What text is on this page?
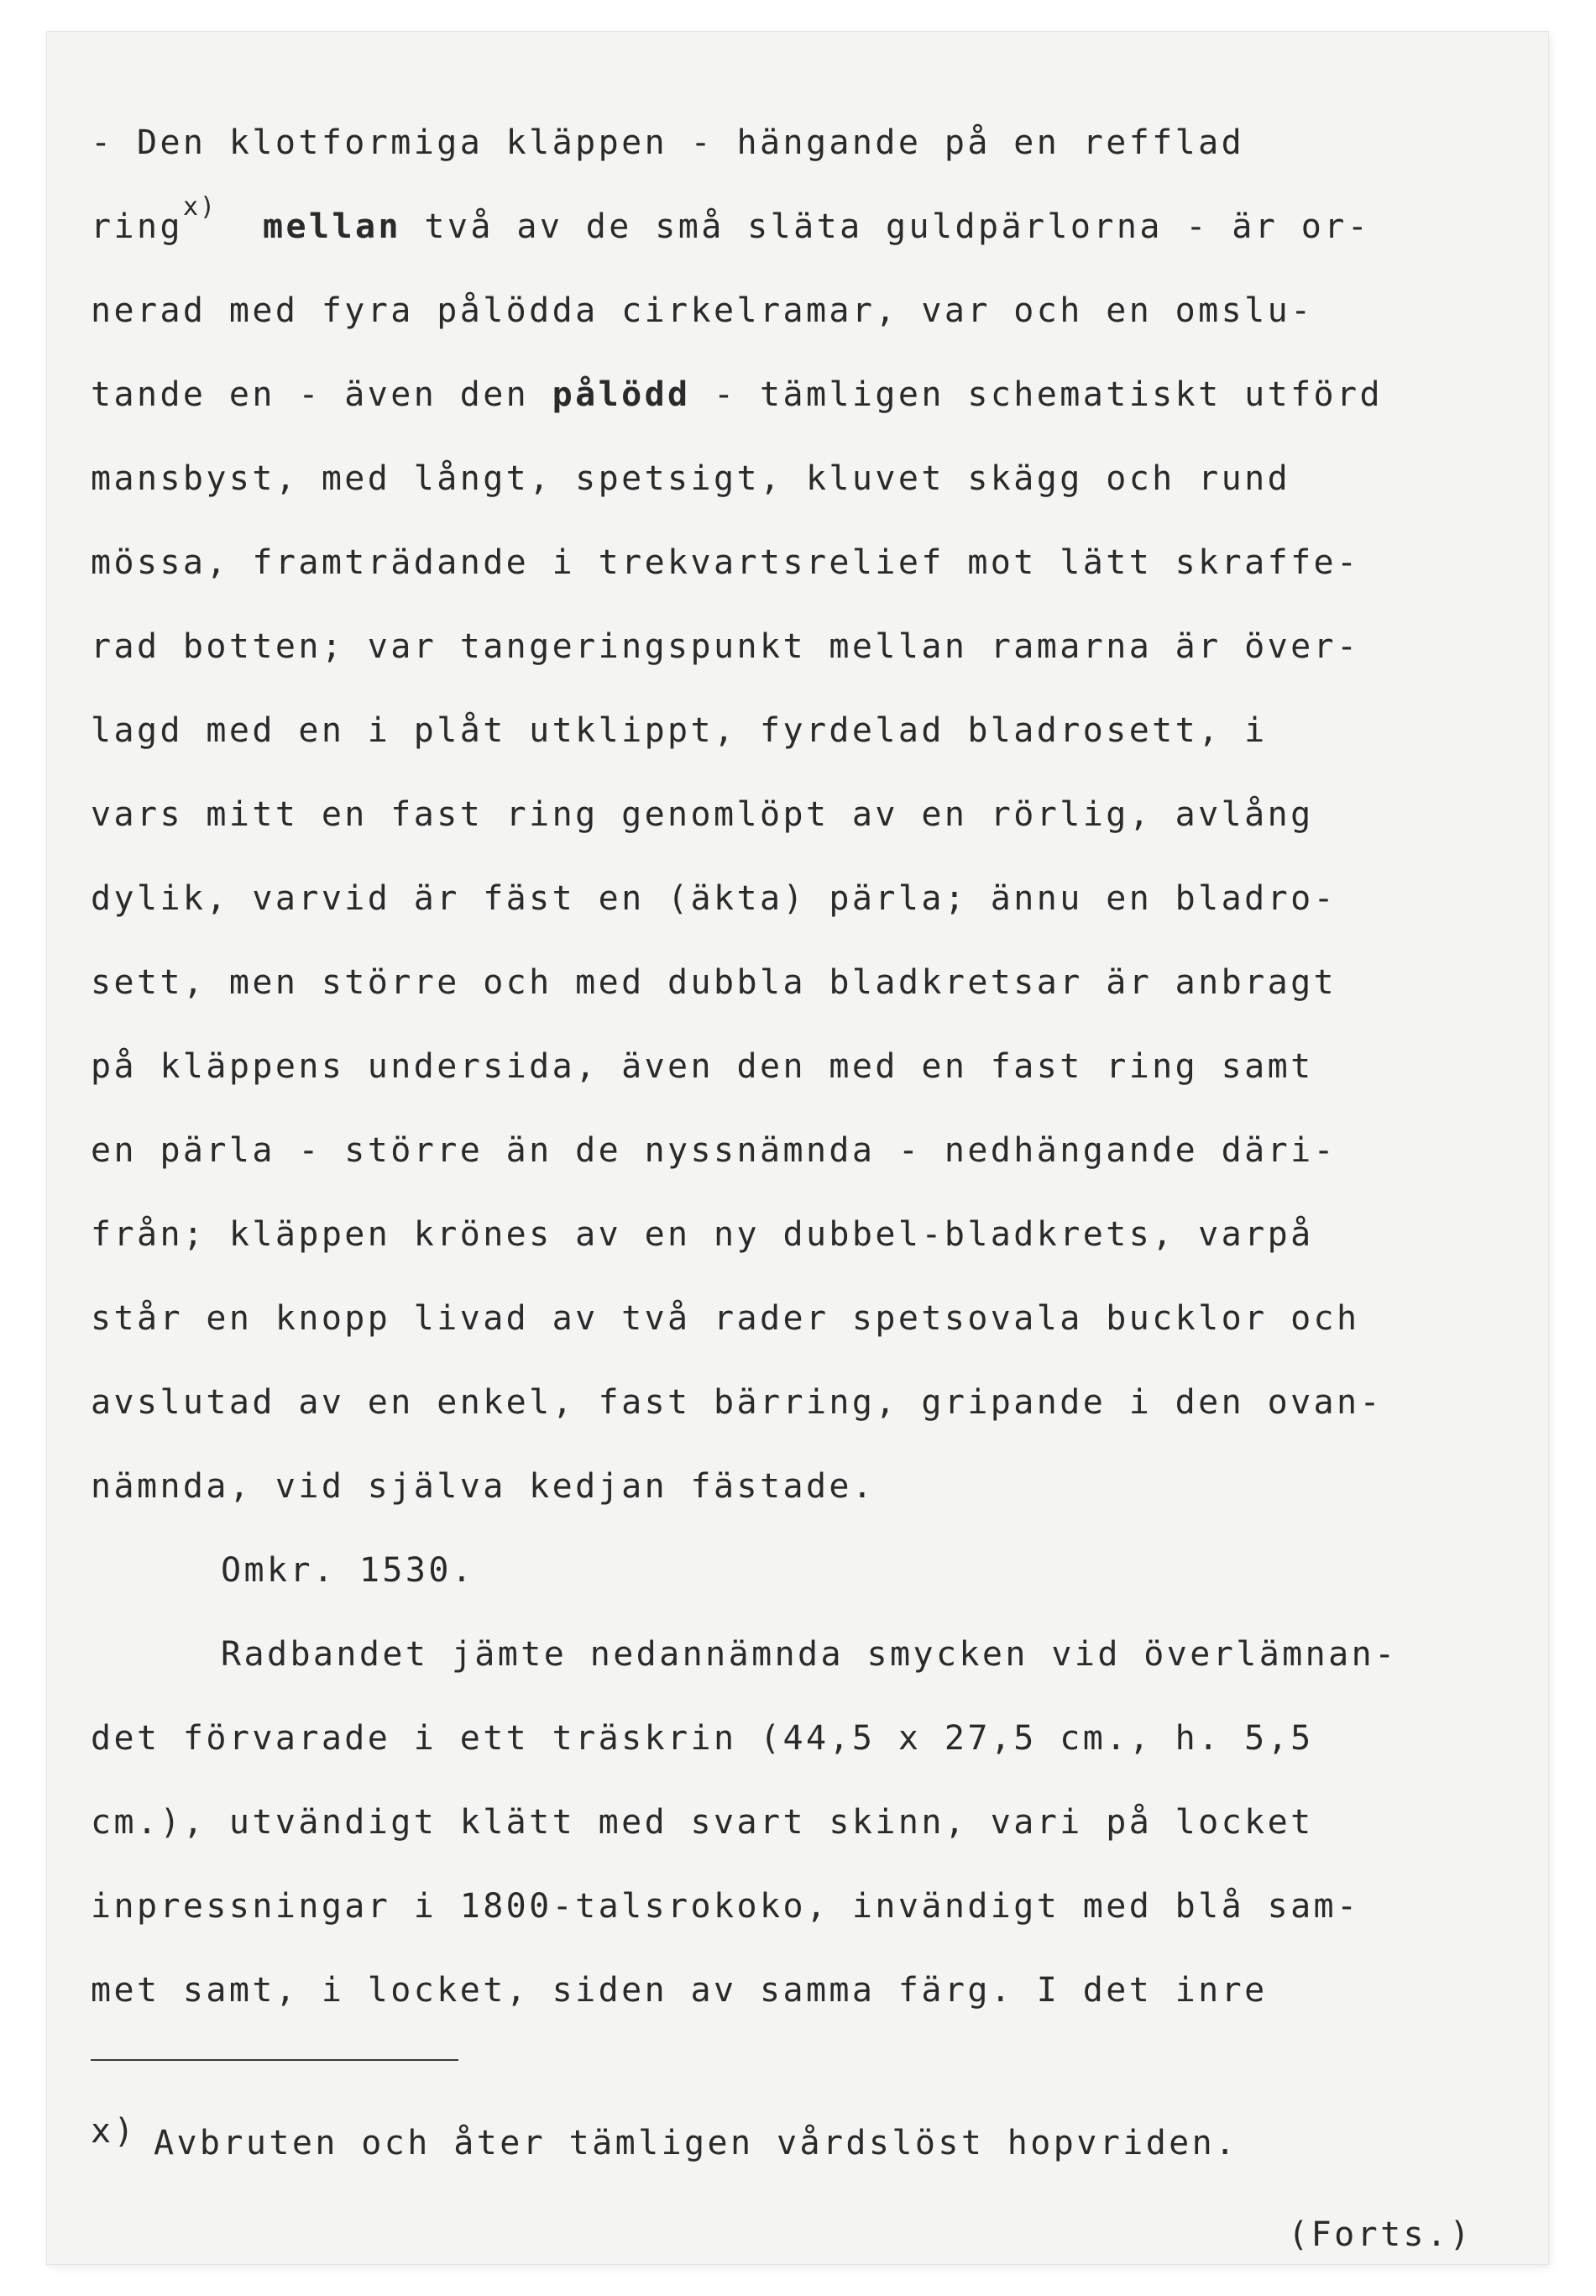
- Den klotformiga kläppen - hängande på en refflad
ring$^{x)}$  mellan två av de små släta guldpärlorna - är or-
nerad med fyra pålödda cirkelramar, var och en omslu-
tande en - även den pålödd - tämligen schematiskt utförd
mansbyst, med långt, spetsigt, kluvet skägg och rund
mössa, framträdande i trekvartsrelief mot lätt skraffe-
rad botten; var tangeringspunkt mellan ramarna är över-
lagd med en i plåt utklippt, fyrdelad bladrosett, i
vars mitt en fast ring genomlöpt av en rörlig, avlång
dylik, varvid är fäst en (äkta) pärla; ännu en bladro-
sett, men större och med dubbla bladkretsar är anbragt
på kläppens undersida, även den med en fast ring samt
en pärla - större än de nyssnämnda - nedhängande däri-
från; kläppen krönes av en ny dubbel-bladkrets, varpå
står en knopp livad av två rader spetsovala bucklor och
avslutad av en enkel, fast bärring, gripande i den ovan-
nämnda, vid själva kedjan fästade.
Omkr. 1530.
Radbandet jämte nedannämnda smycken vid överlämnan-
det förvarade i ett träskrin (44,5 x 27,5 cm., h. 5,5
cm.), utvändigt klätt med svart skinn, vari på locket
inpressningar i 1800-talsrokoko, invändigt med blå sam-
met samt, i locket, siden av samma färg. I det inre
x) Avbruten och åter tämligen vårdslöst hopvriden.
(Forts.)
